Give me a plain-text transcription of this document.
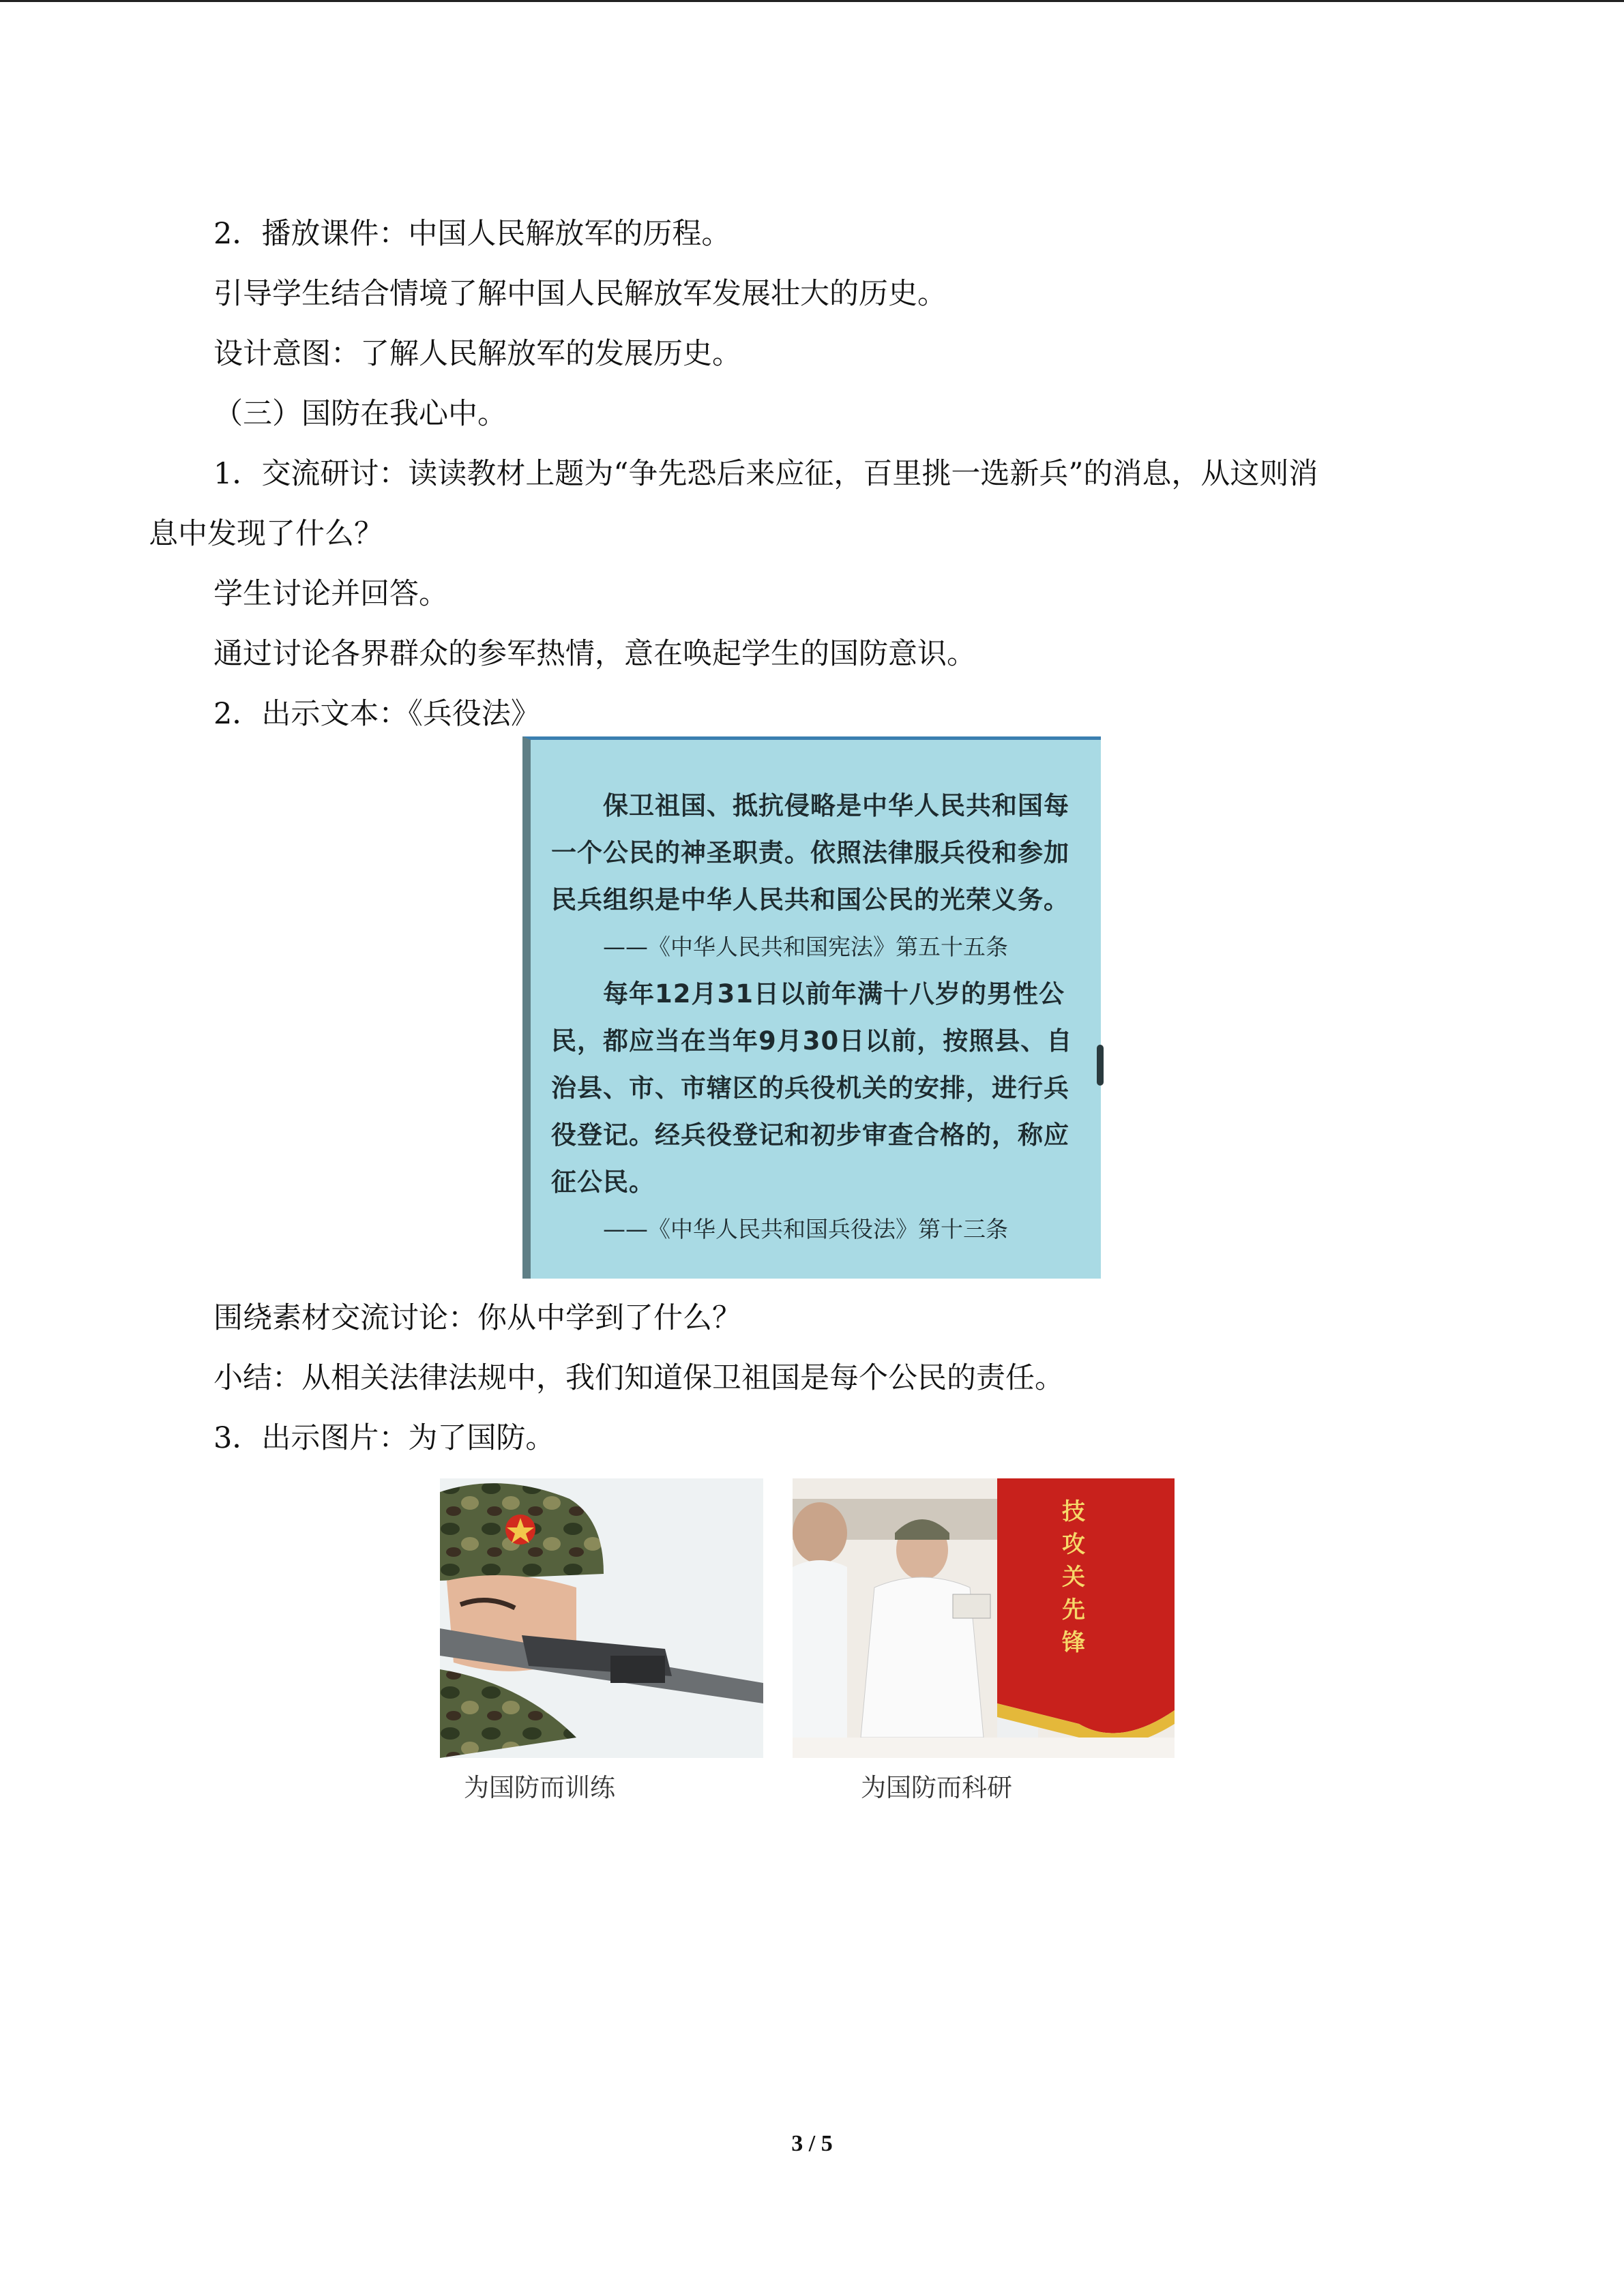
2．播放课件：中国人民解放军的历程。
引导学生结合情境了解中国人民解放军发展壮大的历史。
设计意图：了解人民解放军的发展历史。
（三）国防在我心中。
1．交流研讨：读读教材上题为“争先恐后来应征，百里挑一选新兵”的消息，从这则消
息中发现了什么？
学生讨论并回答。
通过讨论各界群众的参军热情，意在唤起学生的国防意识。
2．出示文本：《兵役法》
保卫祖国、抵抗侵略是中华人民共和国每
一个公民的神圣职责。依照法律服兵役和参加
民兵组织是中华人民共和国公民的光荣义务。
——《中华人民共和国宪法》第五十五条
每年12月31日以前年满十八岁的男性公
民，都应当在当年9月30日以前，按照县、自
治县、市、市辖区的兵役机关的安排，进行兵
役登记。经兵役登记和初步审查合格的，称应
征公民。
——《中华人民共和国兵役法》第十三条
围绕素材交流讨论：你从中学到了什么？
小结：从相关法律法规中，我们知道保卫祖国是每个公民的责任。
3．出示图片：为了国防。
为国防而训练
技
攻
关
先
锋
为国防而科研
3 / 5
